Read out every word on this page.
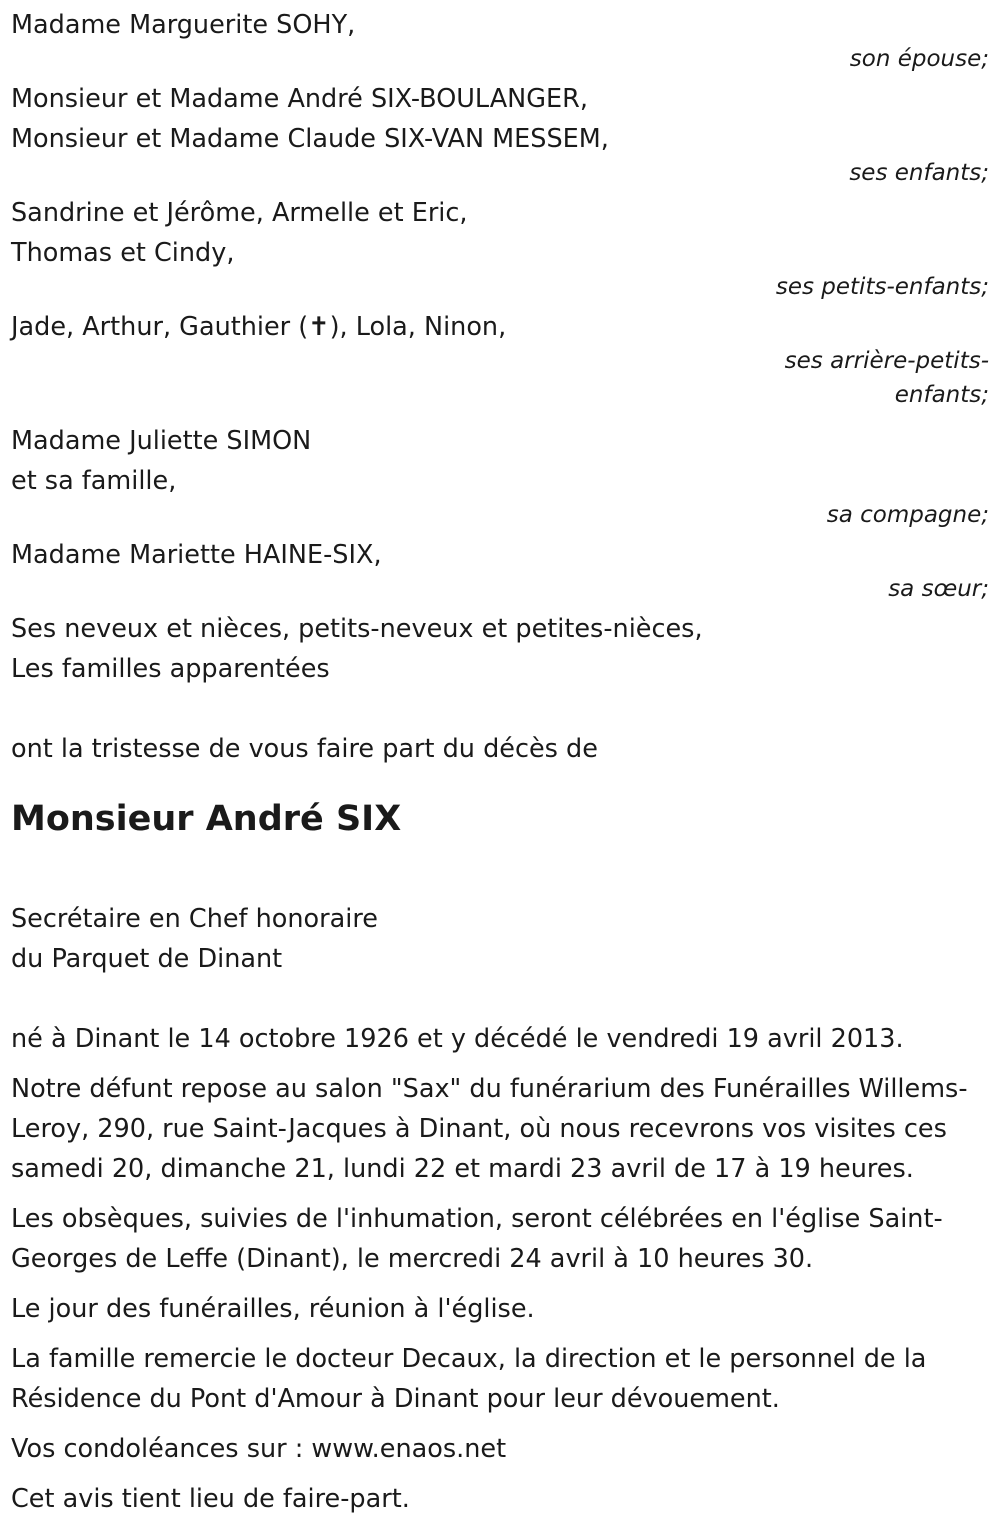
Madame Marguerite SOHY,
son épouse;
Monsieur et Madame André SIX-BOULANGER,
Monsieur et Madame Claude SIX-VAN MESSEM,
ses enfants;
Sandrine et Jérôme, Armelle et Eric,
Thomas et Cindy,
ses petits-enfants;
Jade, Arthur, Gauthier (✝), Lola, Ninon,
ses arrière-petits-
enfants;
Madame Juliette SIMON
et sa famille,
sa compagne;
Madame Mariette HAINE-SIX,
sa sœur;
Ses neveux et nièces, petits-neveux et petites-nièces,
Les familles apparentées
ont la tristesse de vous faire part du décès de
Monsieur André SIX
Secrétaire en Chef honoraire
du Parquet de Dinant

né à Dinant le 14 octobre 1926 et y décédé le vendredi 19 avril 2013.

Notre défunt repose au salon "Sax" du funérarium des Funérailles Willems-Leroy, 290, rue Saint-Jacques à Dinant, où nous recevrons vos visites ces samedi 20, dimanche 21, lundi 22 et mardi 23 avril de 17 à 19 heures.

Les obsèques, suivies de l'inhumation, seront célébrées en l'église Saint-Georges de Leffe (Dinant), le mercredi 24 avril à 10 heures 30.

Le jour des funérailles, réunion à l'église.

La famille remercie le docteur Decaux, la direction et le personnel de la Résidence du Pont d'Amour à Dinant pour leur dévouement.

Vos condoléances sur : www.enaos.net

Cet avis tient lieu de faire-part.
